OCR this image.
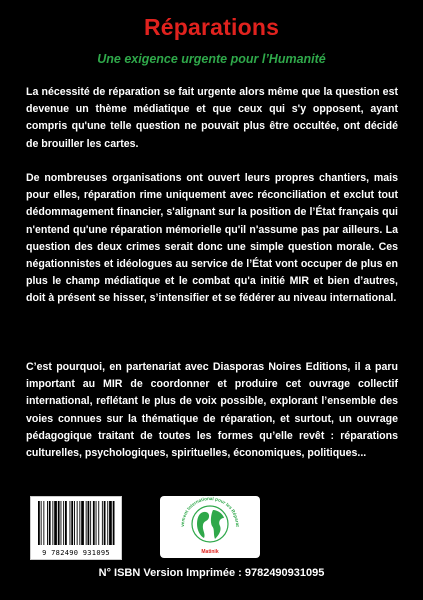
Réparations
Une exigence urgente pour l’Humanité

La nécessité de réparation se fait urgente alors même que la question est devenue un thème médiatique et que ceux qui s'y opposent, ayant compris qu'une telle question ne pouvait plus être occultée, ont décidé de brouiller les cartes.

De nombreuses organisations ont ouvert leurs propres chantiers, mais pour elles, réparation rime uniquement avec réconciliation et exclut tout dédommagement financier, s'alignant sur la position de l’État français qui n'entend qu'une réparation mémorielle qu'il n'assume pas par ailleurs. La question des deux crimes serait donc une simple question morale. Ces négationnistes et idéologues au service de l’État vont occuper de plus en plus le champ médiatique et le combat qu'a initié MIR et bien d’autres, doit à présent se hisser, s’intensifier et se fédérer au niveau international.

C’est pourquoi, en partenariat avec Diasporas Noires Editions, il a paru important au MIR de coordonner et produire cet ouvrage collectif international, reflétant le plus de voix possible, explorant l’ensemble des voies connues sur la thématique de réparation, et surtout, un ouvrage pédagogique traitant de toutes les formes qu’elle revêt : réparations culturelles, psychologiques, spirituelles, économiques, politiques...

9 782490 931095
vement International pour les Réparat
Matinik
N° ISBN Version Imprimée : 9782490931095
